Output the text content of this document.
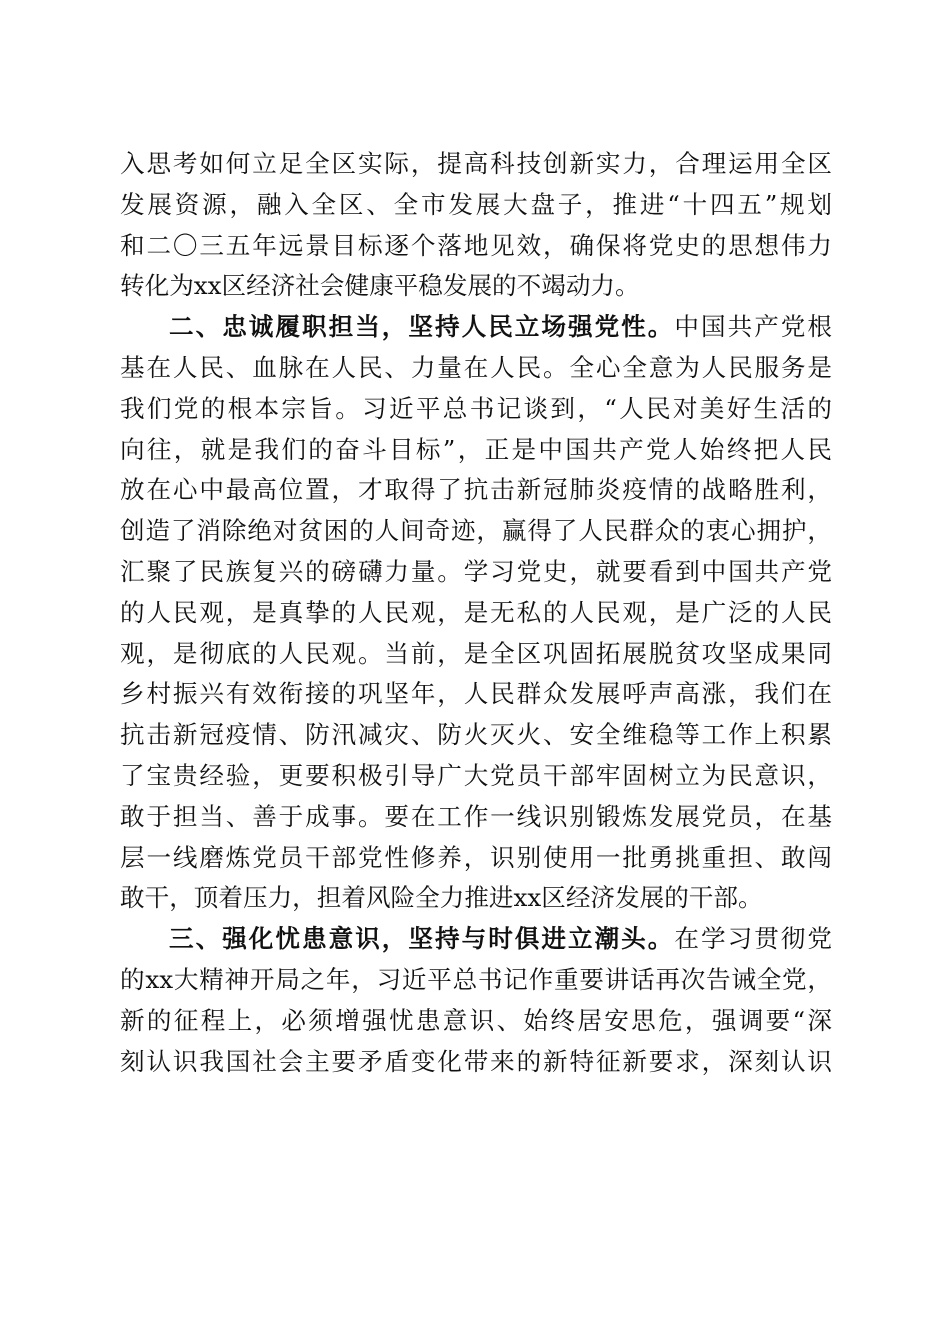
入思考如何立足全区实际，提高科技创新实力，合理运用全区
发展资源，融入全区、全市发展大盘子，推进“十四五”规划
和二〇三五年远景目标逐个落地见效，确保将党史的思想伟力
转化为xx区经济社会健康平稳发展的不竭动力。
二、忠诚履职担当，坚持人民立场强党性。中国共产党根
基在人民、血脉在人民、力量在人民。全心全意为人民服务是
我们党的根本宗旨。习近平总书记谈到，“人民对美好生活的
向往，就是我们的奋斗目标”，正是中国共产党人始终把人民
放在心中最高位置，才取得了抗击新冠肺炎疫情的战略胜利，
创造了消除绝对贫困的人间奇迹，赢得了人民群众的衷心拥护，
汇聚了民族复兴的磅礴力量。学习党史，就要看到中国共产党
的人民观，是真挚的人民观，是无私的人民观，是广泛的人民
观，是彻底的人民观。当前，是全区巩固拓展脱贫攻坚成果同
乡村振兴有效衔接的巩坚年，人民群众发展呼声高涨，我们在
抗击新冠疫情、防汛减灾、防火灭火、安全维稳等工作上积累
了宝贵经验，更要积极引导广大党员干部牢固树立为民意识，
敢于担当、善于成事。要在工作一线识别锻炼发展党员，在基
层一线磨炼党员干部党性修养，识别使用一批勇挑重担、敢闯
敢干，顶着压力，担着风险全力推进xx区经济发展的干部。
三、强化忧患意识，坚持与时俱进立潮头。在学习贯彻党
的xx大精神开局之年，习近平总书记作重要讲话再次告诫全党，
新的征程上，必须增强忧患意识、始终居安思危，强调要“深
刻认识我国社会主要矛盾变化带来的新特征新要求，深刻认识
